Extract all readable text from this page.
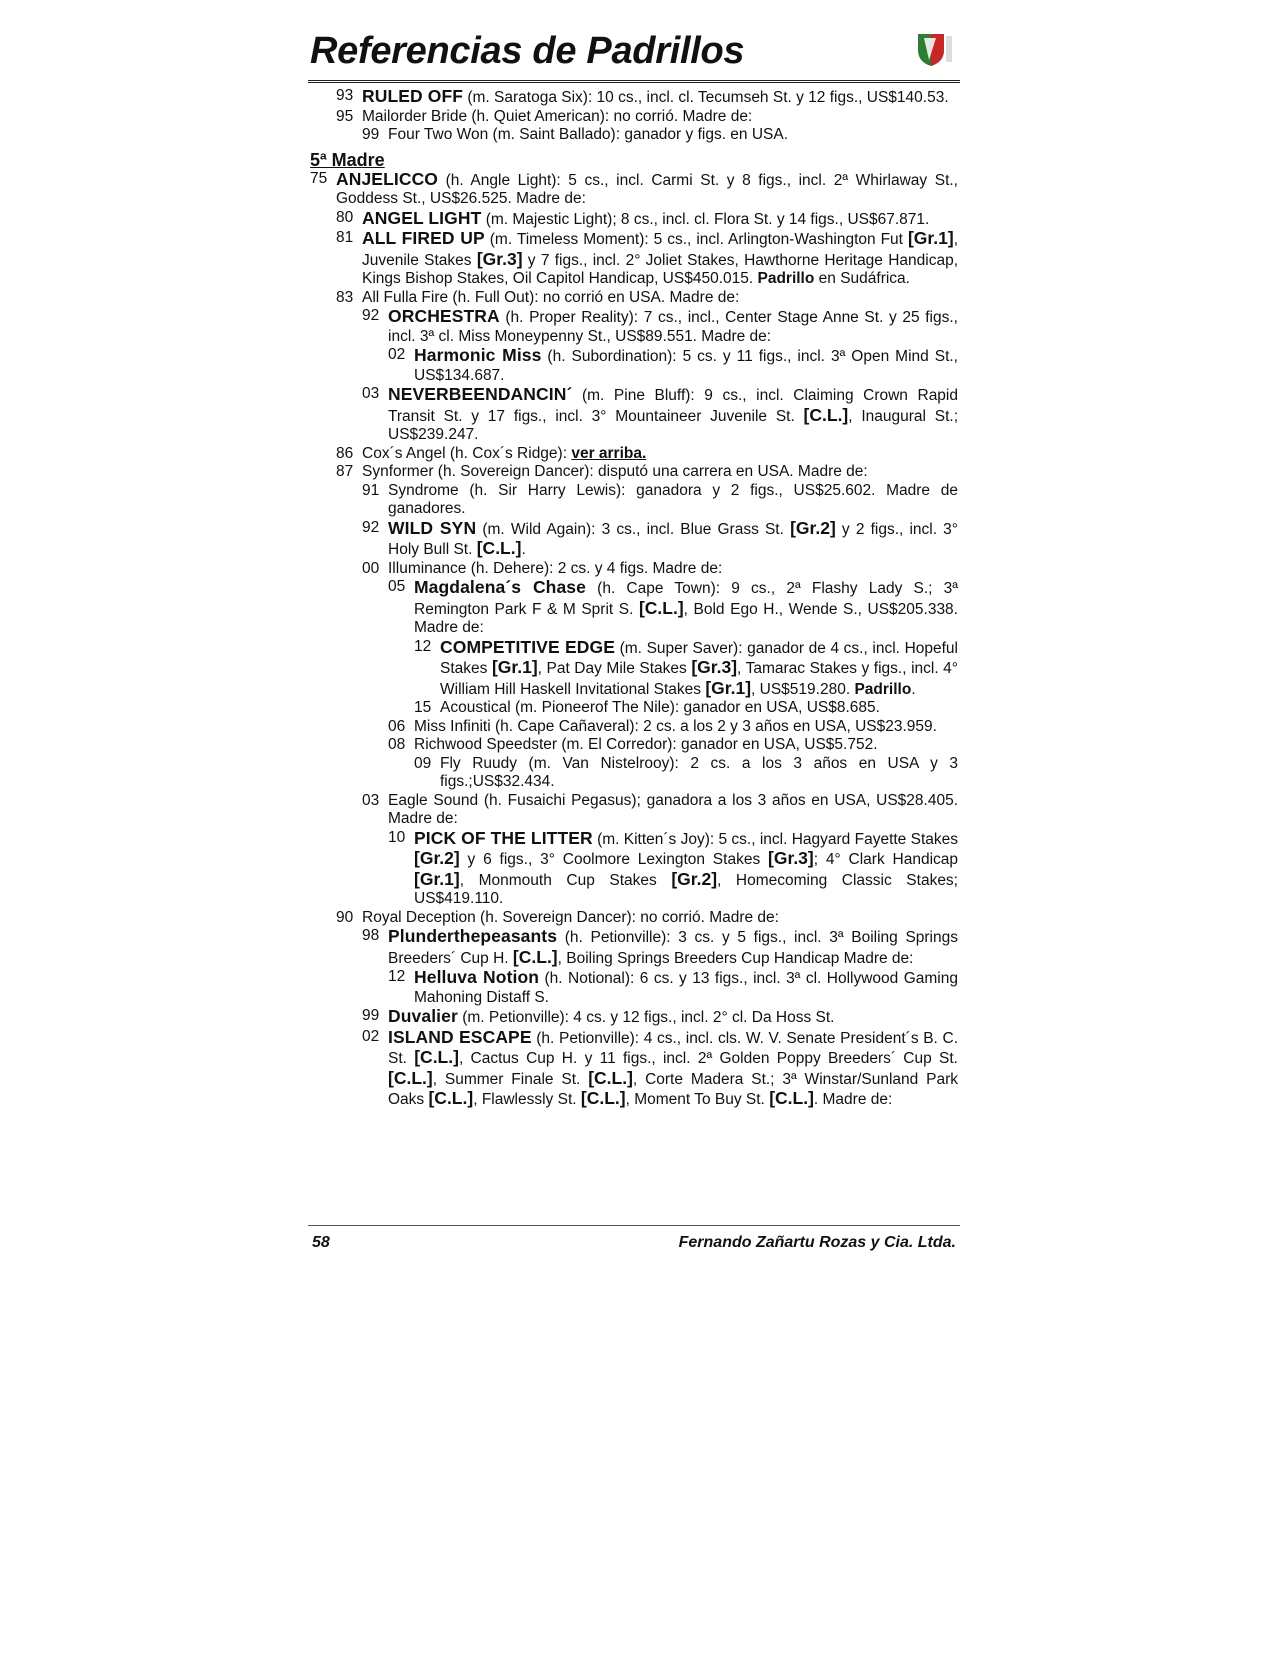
Referencias de Padrillos
93 RULED OFF (m. Saratoga Six): 10 cs., incl. cl. Tecumseh St. y 12 figs., US$140.53.
95 Mailorder Bride (h. Quiet American): no corrió. Madre de:
99 Four Two Won (m. Saint Ballado): ganador y figs. en USA.
5ª Madre
75 ANJELICCO (h. Angle Light): 5 cs., incl. Carmi St. y 8 figs., incl. 2ª Whirlaway St., Goddess St., US$26.525. Madre de:
80 ANGEL LIGHT (m. Majestic Light); 8 cs., incl. cl. Flora St. y 14 figs., US$67.871.
81 ALL FIRED UP (m. Timeless Moment): 5 cs., incl. Arlington-Washington Fut [Gr.1], Juvenile Stakes [Gr.3] y 7 figs., incl. 2° Joliet Stakes, Hawthorne Heritage Handicap, Kings Bishop Stakes, Oil Capitol Handicap, US$450.015. Padrillo en Sudáfrica.
83 All Fulla Fire (h. Full Out): no corrió en USA. Madre de:
92 ORCHESTRA (h. Proper Reality): 7 cs., incl., Center Stage Anne St. y 25 figs., incl. 3ª cl. Miss Moneypenny St., US$89.551. Madre de:
02 Harmonic Miss (h. Subordination): 5 cs. y 11 figs., incl. 3ª Open Mind St., US$134.687.
03 NEVERBEENDANCIN´ (m. Pine Bluff): 9 cs., incl. Claiming Crown Rapid Transit St. y 17 figs., incl. 3° Mountaineer Juvenile St. [C.L.], Inaugural St.; US$239.247.
86 Cox´s Angel (h. Cox´s Ridge): ver arriba.
87 Synformer (h. Sovereign Dancer): disputó una carrera en USA. Madre de:
91 Syndrome (h. Sir Harry Lewis): ganadora y 2 figs., US$25.602. Madre de ganadores.
92 WILD SYN (m. Wild Again): 3 cs., incl. Blue Grass St. [Gr.2] y 2 figs., incl. 3° Holy Bull St. [C.L.].
00 Illuminance (h. Dehere): 2 cs. y 4 figs. Madre de:
05 Magdalena´s Chase (h. Cape Town): 9 cs., 2ª Flashy Lady S.; 3ª Remington Park F & M Sprit S. [C.L.], Bold Ego H., Wende S., US$205.338. Madre de:
12 COMPETITIVE EDGE (m. Super Saver): ganador de 4 cs., incl. Hopeful Stakes [Gr.1], Pat Day Mile Stakes [Gr.3], Tamarac Stakes y figs., incl. 4° William Hill Haskell Invitational Stakes [Gr.1], US$519.280. Padrillo.
15 Acoustical (m. Pioneerof The Nile): ganador en USA, US$8.685.
06 Miss Infiniti (h. Cape Cañaveral): 2 cs. a los 2 y 3 años en USA, US$23.959.
08 Richwood Speedster (m. El Corredor): ganador en USA, US$5.752.
09 Fly Ruudy (m. Van Nistelrooy): 2 cs. a los 3 años en USA y 3 figs.;US$32.434.
03 Eagle Sound (h. Fusaichi Pegasus); ganadora a los 3 años en USA, US$28.405. Madre de:
10 PICK OF THE LITTER (m. Kitten´s Joy): 5 cs., incl. Hagyard Fayette Stakes [Gr.2] y 6 figs., 3° Coolmore Lexington Stakes [Gr.3]; 4° Clark Handicap [Gr.1], Monmouth Cup Stakes [Gr.2], Homecoming Classic Stakes; US$419.110.
90 Royal Deception (h. Sovereign Dancer): no corrió. Madre de:
98 Plunderthepeasants (h. Petionville): 3 cs. y 5 figs., incl. 3ª Boiling Springs Breeders´ Cup H. [C.L.], Boiling Springs Breeders Cup Handicap Madre de:
12 Helluva Notion (h. Notional): 6 cs. y 13 figs., incl. 3ª cl. Hollywood Gaming Mahoning Distaff S.
99 Duvalier (m. Petionville): 4 cs. y 12 figs., incl. 2° cl. Da Hoss St.
02 ISLAND ESCAPE (h. Petionville): 4 cs., incl. cls. W. V. Senate President´s B. C. St. [C.L.], Cactus Cup H. y 11 figs., incl. 2ª Golden Poppy Breeders´ Cup St. [C.L.], Summer Finale St. [C.L.], Corte Madera St.; 3ª Winstar/Sunland Park Oaks [C.L.], Flawlessly St. [C.L.], Moment To Buy St. [C.L.]. Madre de:
58	Fernando Zañartu Rozas y Cia. Ltda.
